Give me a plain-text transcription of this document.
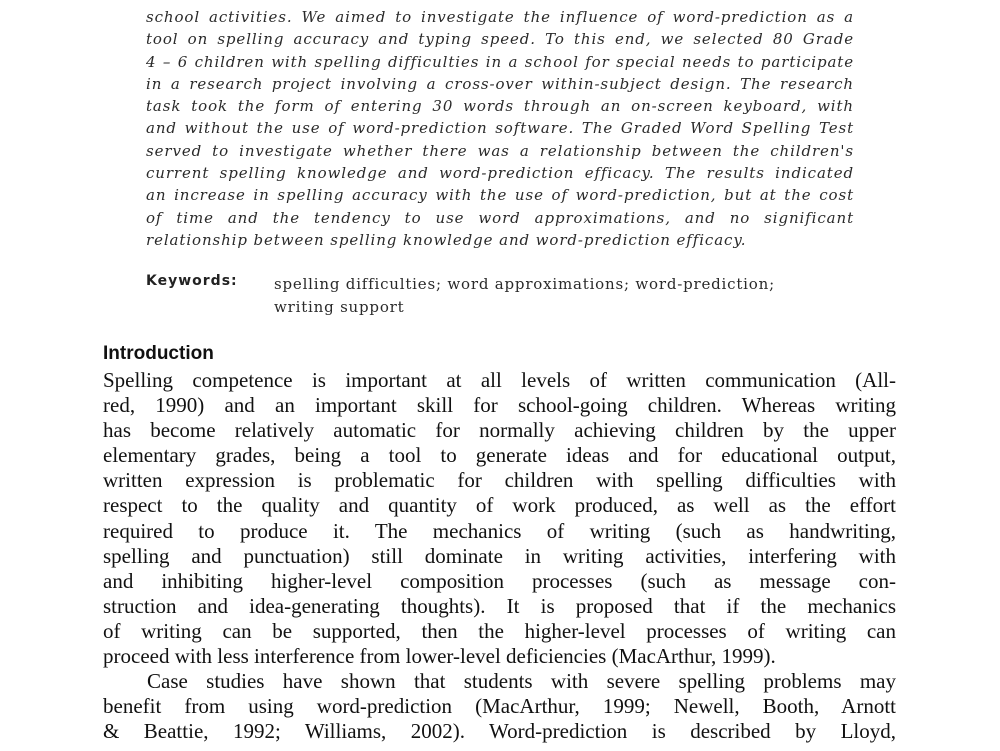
school activities. We aimed to investigate the influence of word-prediction as a
tool on spelling accuracy and typing speed. To this end, we selected 80 Grade
4 – 6 children with spelling difficulties in a school for special needs to participate
in a research project involving a cross-over within-subject design. The research
task took the form of entering 30 words through an on-screen keyboard, with
and without the use of word-prediction software. The Graded Word Spelling Test
served to investigate whether there was a relationship between the children's
current spelling knowledge and word-prediction efficacy. The results indicated
an increase in spelling accuracy with the use of word-prediction, but at the cost
of time and the tendency to use word approximations, and no significant
relationship between spelling knowledge and word-prediction efficacy.
Keywords: spelling difficulties; word approximations; word-prediction;
writing support
Introduction
Spelling competence is important at all levels of written communication (All-
red, 1990) and an important skill for school-going children. Whereas writing
has become relatively automatic for normally achieving children by the upper
elementary grades, being a tool to generate ideas and for educational output,
written expression is problematic for children with spelling difficulties with
respect to the quality and quantity of work produced, as well as the effort
required to produce it. The mechanics of writing (such as handwriting,
spelling and punctuation) still dominate in writing activities, interfering with
and inhibiting higher-level composition processes (such as message con-
struction and idea-generating thoughts). It is proposed that if the mechanics
of writing can be supported, then the higher-level processes of writing can
proceed with less interference from lower-level deficiencies (MacArthur, 1999).
Case studies have shown that students with severe spelling problems may
benefit from using word-prediction (MacArthur, 1999; Newell, Booth, Arnott
& Beattie, 1992; Williams, 2002). Word-prediction is described by Lloyd,
